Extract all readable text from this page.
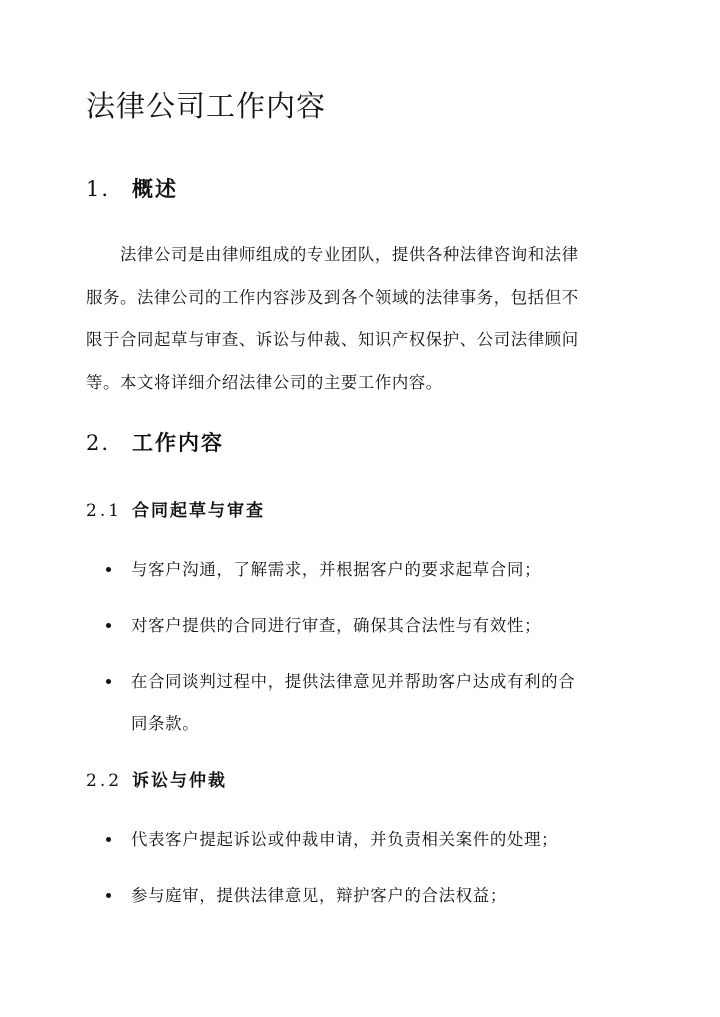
法律公司工作内容
1. 概述

法律公司是由律师组成的专业团队，提供各种法律咨询和法律
服务。法律公司的工作内容涉及到各个领域的法律事务，包括但不
限于合同起草与审查、诉讼与仲裁、知识产权保护、公司法律顾问
等。本文将详细介绍法律公司的主要工作内容。

2. 工作内容
2.1 合同起草与审查
与客户沟通，了解需求，并根据客户的要求起草合同；
对客户提供的合同进行审查，确保其合法性与有效性；
在合同谈判过程中，提供法律意见并帮助客户达成有利的合
同条款。
2.2 诉讼与仲裁
代表客户提起诉讼或仲裁申请，并负责相关案件的处理；
参与庭审，提供法律意见，辩护客户的合法权益；
